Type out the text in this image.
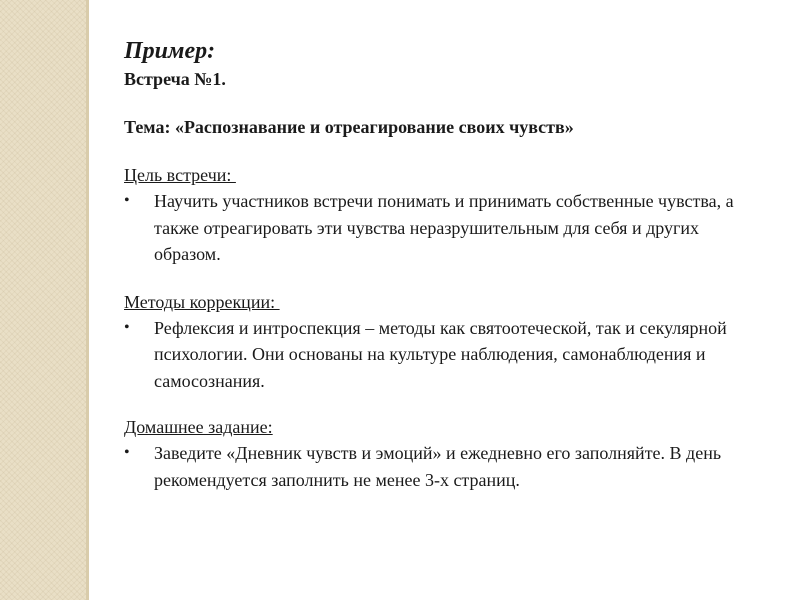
Пример:
Встреча №1.
Тема: «Распознавание и отреагирование своих чувств»
Цель встречи:
• Научить участников встречи понимать и принимать собственные чувства, а также отреагировать эти чувства неразрушительным для себя и других образом.
Методы коррекции:
• Рефлексия и интроспекция – методы как святоотеческой, так и секулярной психологии. Они основаны на культуре наблюдения, самонаблюдения и самосознания.
Домашнее задание:
• Заведите «Дневник чувств и эмоций» и ежедневно его заполняйте. В день рекомендуется заполнить не менее 3-х страниц.
